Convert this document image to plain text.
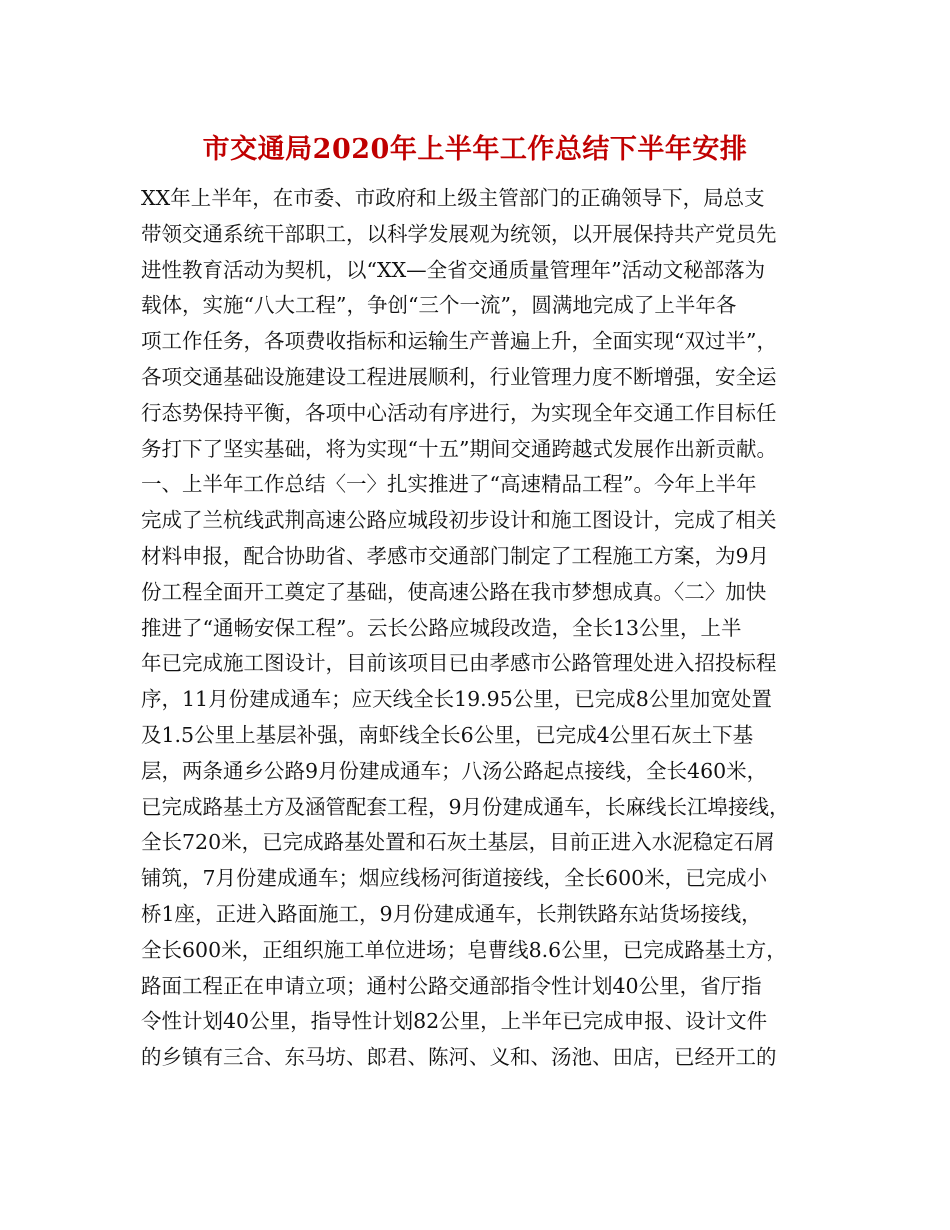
市交通局2020年上半年工作总结下半年安排
XX年上半年，在市委、市政府和上级主管部门的正确领导下，局总支
带领交通系统干部职工，以科学发展观为统领，以开展保持共产党员先
进性教育活动为契机，以“XX—全省交通质量管理年”活动文秘部落为
载体，实施“八大工程”，争创“三个一流”，圆满地完成了上半年各
项工作任务，各项费收指标和运输生产普遍上升，全面实现“双过半”，
各项交通基础设施建设工程进展顺利，行业管理力度不断增强，安全运
行态势保持平衡，各项中心活动有序进行，为实现全年交通工作目标任
务打下了坚实基础，将为实现“十五”期间交通跨越式发展作出新贡献。
一、上半年工作总结〈一〉扎实推进了“高速精品工程”。今年上半年
完成了兰杭线武荆高速公路应城段初步设计和施工图设计，完成了相关
材料申报，配合协助省、孝感市交通部门制定了工程施工方案，为9月
份工程全面开工奠定了基础，使高速公路在我市梦想成真。〈二〉加快
推进了“通畅安保工程”。云长公路应城段改造，全长13公里，上半
年已完成施工图设计，目前该项目已由孝感市公路管理处进入招投标程
序，11月份建成通车；应天线全长19.95公里，已完成8公里加宽处置
及1.5公里上基层补强，南虾线全长6公里，已完成4公里石灰土下基
层，两条通乡公路9月份建成通车；八汤公路起点接线，全长460米，
已完成路基土方及涵管配套工程，9月份建成通车，长麻线长江埠接线，
全长720米，已完成路基处置和石灰土基层，目前正进入水泥稳定石屑
铺筑，7月份建成通车；烟应线杨河街道接线，全长600米，已完成小
桥1座，正进入路面施工，9月份建成通车，长荆铁路东站货场接线，
全长600米，正组织施工单位进场；皂曹线8.6公里，已完成路基土方，
路面工程正在申请立项；通村公路交通部指令性计划40公里，省厅指
令性计划40公里，指导性计划82公里，上半年已完成申报、设计文件
的乡镇有三合、东马坊、郎君、陈河、义和、汤池、田店，已经开工的
